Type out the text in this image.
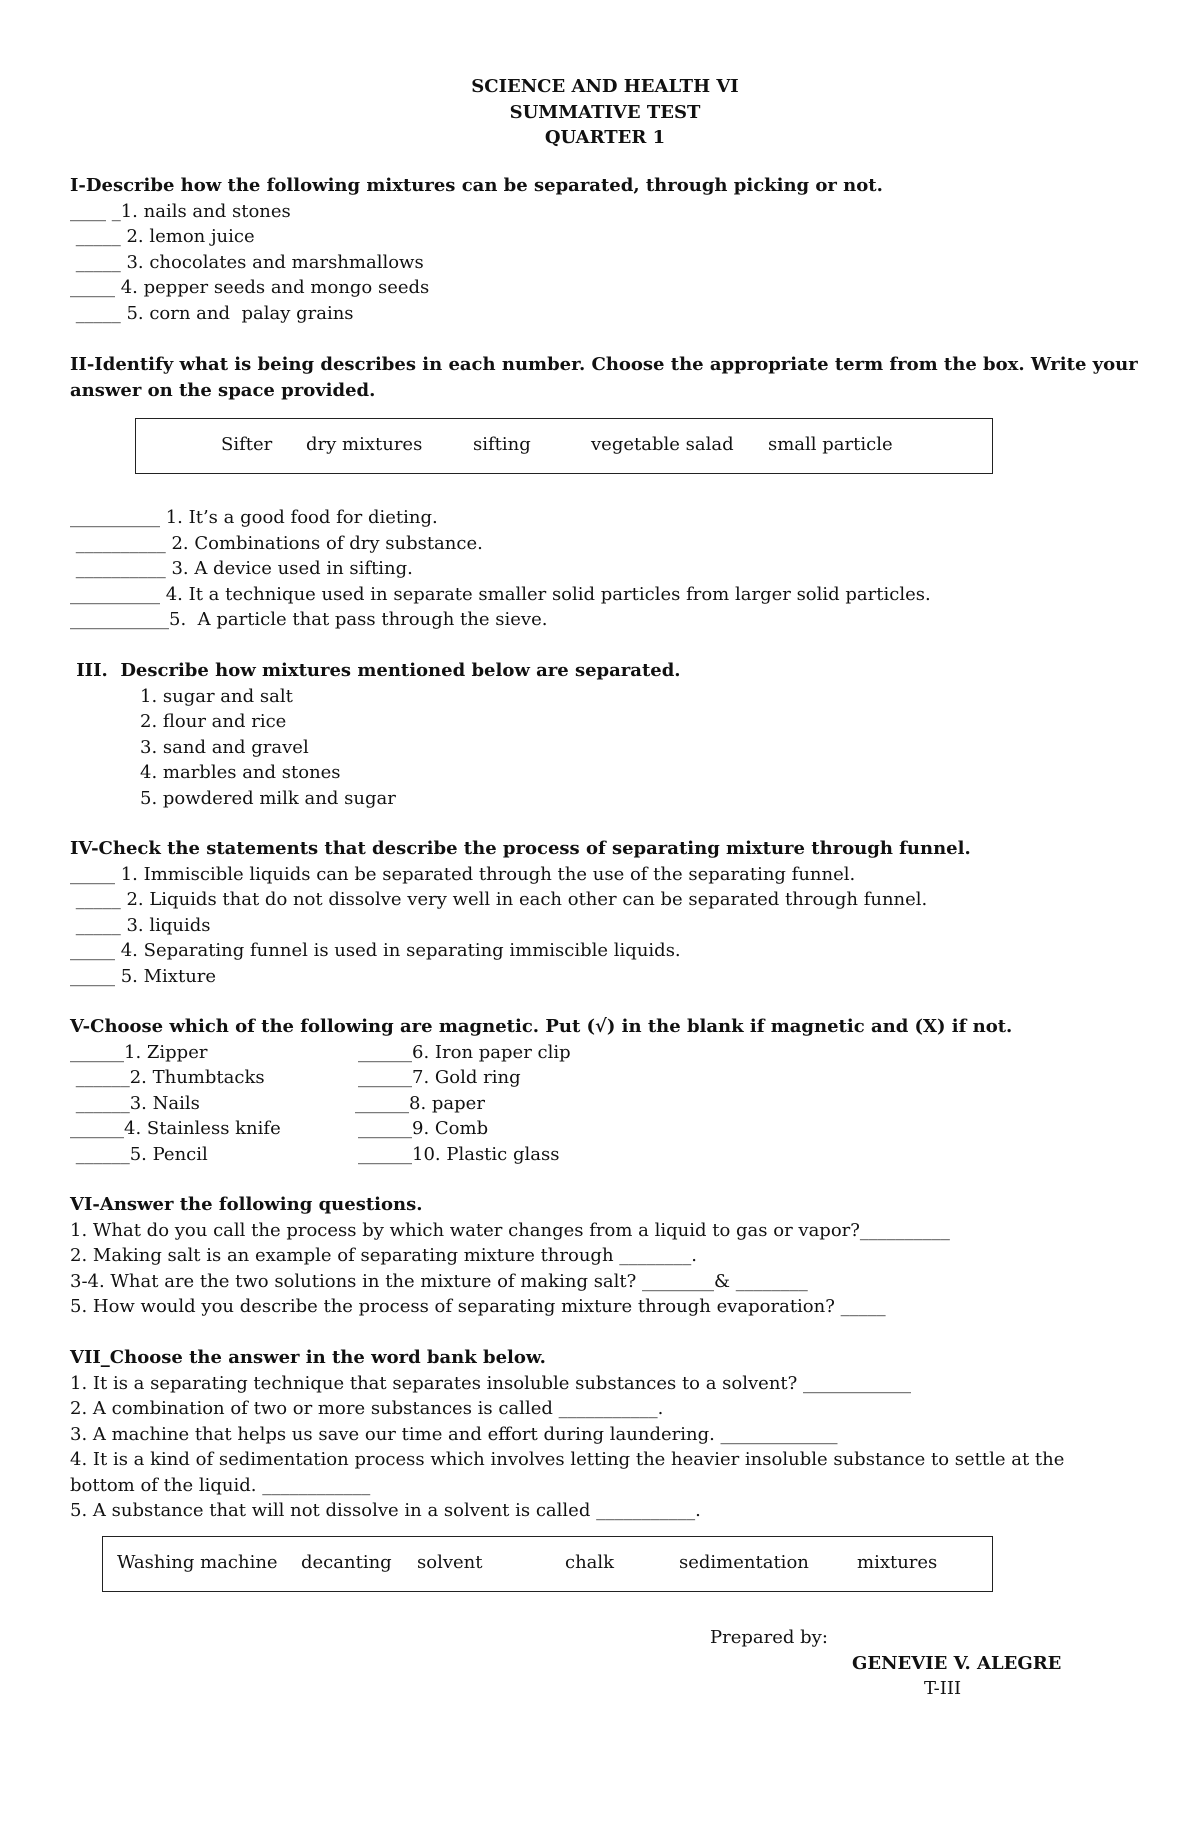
SCIENCE AND HEALTH VI
SUMMATIVE TEST
QUARTER 1
I-Describe how the following mixtures can be separated, through picking or not.
____ _1. nails and stones
_____ 2. lemon juice
_____ 3. chocolates and marshmallows
_____ 4. pepper seeds and mongo seeds
_____ 5. corn and  palay grains
II-Identify what is being describes in each number. Choose the appropriate term from the box. Write your
answer on the space provided.
Sifter dry mixtures	sifting	vegetable salad small particle
__________ 1. It’s a good food for dieting.
__________ 2. Combinations of dry substance.
__________ 3. A device used in sifting.
__________ 4. It a technique used in separate smaller solid particles from larger solid particles.
___________5.  A particle that pass through the sieve.
III.  Describe how mixtures mentioned below are separated.
1. sugar and salt
2. flour and rice
3. sand and gravel
4. marbles and stones
5. powdered milk and sugar
IV-Check the statements that describe the process of separating mixture through funnel.
_____ 1. Immiscible liquids can be separated through the use of the separating funnel.
_____ 2. Liquids that do not dissolve very well in each other can be separated through funnel.
_____ 3. liquids
_____ 4. Separating funnel is used in separating immiscible liquids.
_____ 5. Mixture
V-Choose which of the following are magnetic. Put (√) in the blank if magnetic and (X) if not.
______1. Zipper
______2. Thumbtacks
______3. Nails
______4. Stainless knife
______5. Pencil
______6. Iron paper clip
______7. Gold ring
______8. paper
______9. Comb
______10. Plastic glass
VI-Answer the following questions.
1. What do you call the process by which water changes from a liquid to gas or vapor?__________
2. Making salt is an example of separating mixture through ________.
3-4. What are the two solutions in the mixture of making salt? ________& ________
5. How would you describe the process of separating mixture through evaporation? _____
VII_Choose the answer in the word bank below.
1. It is a separating technique that separates insoluble substances to a solvent? ____________
2. A combination of two or more substances is called ___________.
3. A machine that helps us save our time and effort during laundering. _____________
4. It is a kind of sedimentation process which involves letting the heavier insoluble substance to settle at the
bottom of the liquid. ____________
5. A substance that will not dissolve in a solvent is called ___________.
Washing machine decanting solvent	chalk	sedimentation	mixtures
Prepared by:
GENEVIE V. ALEGRE
T-III
